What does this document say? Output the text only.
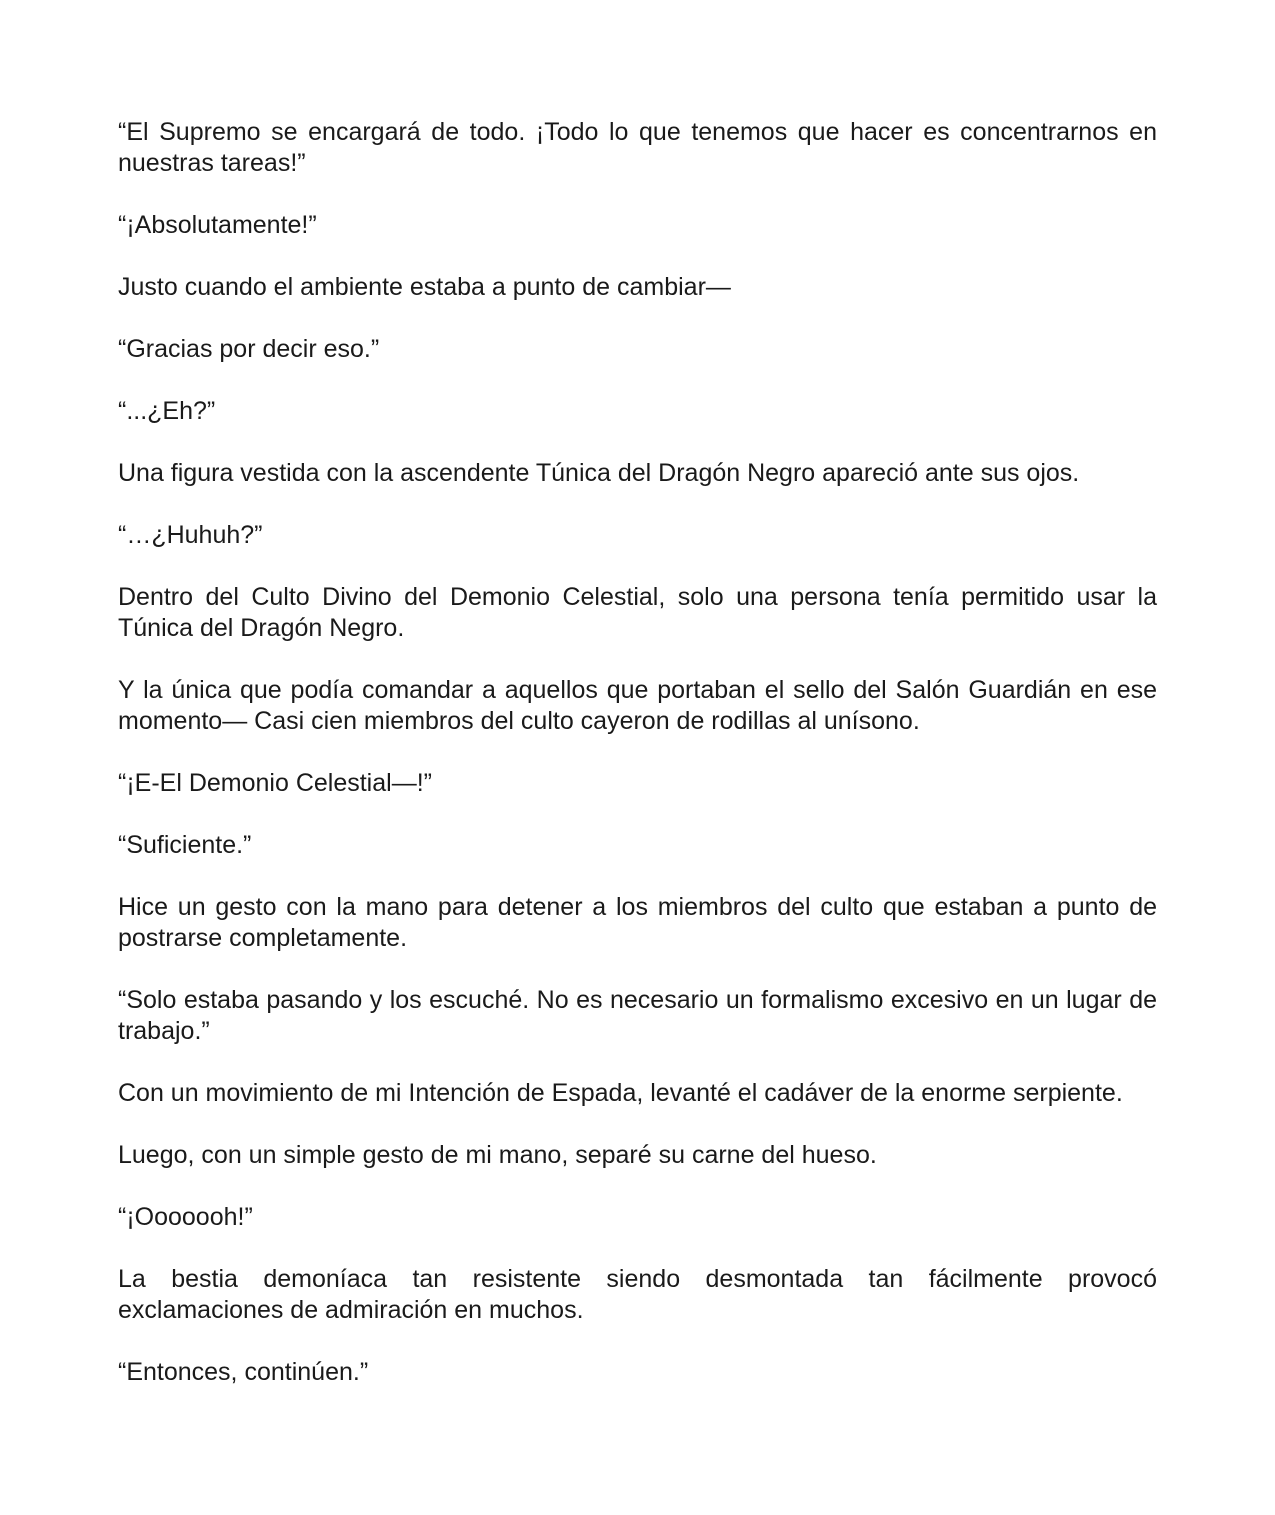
“El Supremo se encargará de todo. ¡Todo lo que tenemos que hacer es concentrarnos en nuestras tareas!”

“¡Absolutamente!”

Justo cuando el ambiente estaba a punto de cambiar—

“Gracias por decir eso.”

“...¿Eh?”

Una figura vestida con la ascendente Túnica del Dragón Negro apareció ante sus ojos.

“…¿Huhuh?”

Dentro del Culto Divino del Demonio Celestial, solo una persona tenía permitido usar la Túnica del Dragón Negro.

Y la única que podía comandar a aquellos que portaban el sello del Salón Guardián en ese momento— Casi cien miembros del culto cayeron de rodillas al unísono.

“¡E-El Demonio Celestial—!”

“Suficiente.”

Hice un gesto con la mano para detener a los miembros del culto que estaban a punto de postrarse completamente.

“Solo estaba pasando y los escuché. No es necesario un formalismo excesivo en un lugar de trabajo.”

Con un movimiento de mi Intención de Espada, levanté el cadáver de la enorme serpiente.

Luego, con un simple gesto de mi mano, separé su carne del hueso.

“¡Ooooooh!”

La bestia demoníaca tan resistente siendo desmontada tan fácilmente provocó exclamaciones de admiración en muchos.

“Entonces, continúen.”
